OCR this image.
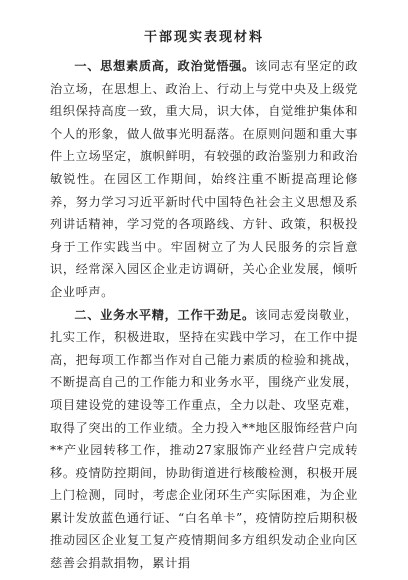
干部现实表现材料

一、思想素质高，政治觉悟强。该同志有坚定的政治立场，在思想上、政治上、行动上与党中央及上级党组织保持高度一致，重大局，识大体，自觉维护集体和个人的形象，做人做事光明磊落。在原则问题和重大事件上立场坚定，旗帜鲜明，有较强的政治鉴别力和政治敏锐性。在园区工作期间，始终注重不断提高理论修养，努力学习习近平新时代中国特色社会主义思想及系列讲话精神，学习党的各项路线、方针、政策，积极投身于工作实践当中。牢固树立了为人民服务的宗旨意识，经常深入园区企业走访调研，关心企业发展，倾听企业呼声。

二、业务水平精，工作干劲足。该同志爱岗敬业，扎实工作，积极进取，坚持在实践中学习，在工作中提高，把每项工作都当作对自己能力素质的检验和挑战，不断提高自己的工作能力和业务水平，围绕产业发展，项目建设党的建设等工作重点，全力以赴、攻坚克难，取得了突出的工作业绩。全力投入**地区服饰经营户向**产业园转移工作，推动27家服饰产业经营户完成转移。疫情防控期间，协助街道进行核酸检测，积极开展上门检测，同时，考虑企业闭环生产实际困难，为企业累计发放蓝色通行证、“白名单卡”，疫情防控后期积极推动园区企业复工复产疫情期间多方组织发动企业向区慈善会捐款捐物，累计捐
